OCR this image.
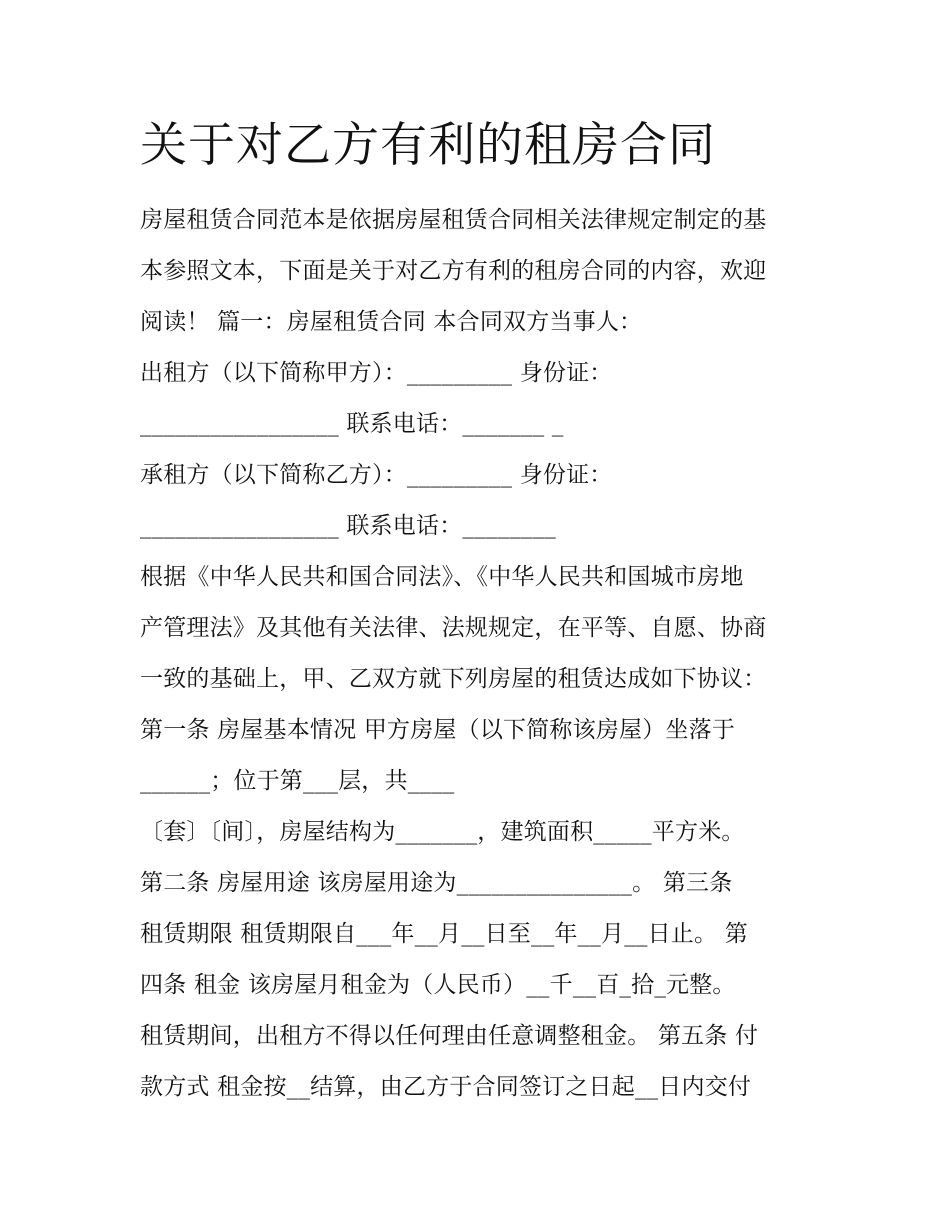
关于对乙方有利的租房合同
房屋租赁合同范本是依据房屋租赁合同相关法律规定制定的基
本参照文本，下面是关于对乙方有利的租房合同的内容，欢迎
阅读！ 篇一：房屋租赁合同 本合同双方当事人：
出租方（以下简称甲方）：_________ 身份证：
_________________ 联系电话：_______ _
承租方（以下简称乙方）：_________ 身份证：
_________________ 联系电话：________
根据《中华人民共和国合同法》、《中华人民共和国城市房地
产管理法》及其他有关法律、法规规定，在平等、自愿、协商
一致的基础上，甲、乙双方就下列房屋的租赁达成如下协议：
第一条 房屋基本情况 甲方房屋（以下简称该房屋）坐落于
______；位于第___层，共____
〔套〕〔间〕，房屋结构为_______，建筑面积_____平方米。
第二条 房屋用途 该房屋用途为_______________。 第三条
租赁期限 租赁期限自___年__月__日至__年__月__日止。 第
四条 租金 该房屋月租金为（人民币）__千__百_拾_元整。
租赁期间，出租方不得以任何理由任意调整租金。 第五条 付
款方式 租金按__结算，由乙方于合同签订之日起__日内交付
